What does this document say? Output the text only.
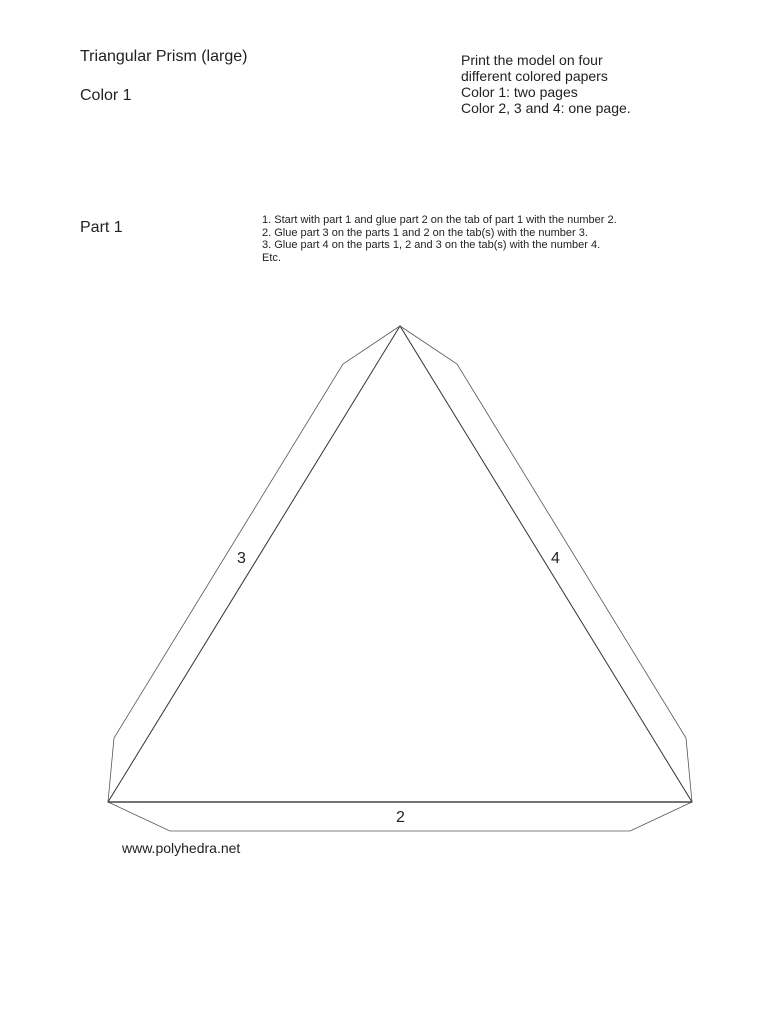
Triangular Prism (large)
Color 1
Part 1
Print the model on four
different colored papers
Color 1: two pages
Color 2, 3 and 4: one page.
1. Start with part 1 and glue part 2 on the tab of part 1 with the number 2.
2. Glue part 3 on the parts 1 and 2 on the tab(s) with the number 3.
3. Glue part 4 on the parts 1, 2 and 3 on the tab(s) with the number 4.
Etc.
3	4
2
www.polyhedra.net
